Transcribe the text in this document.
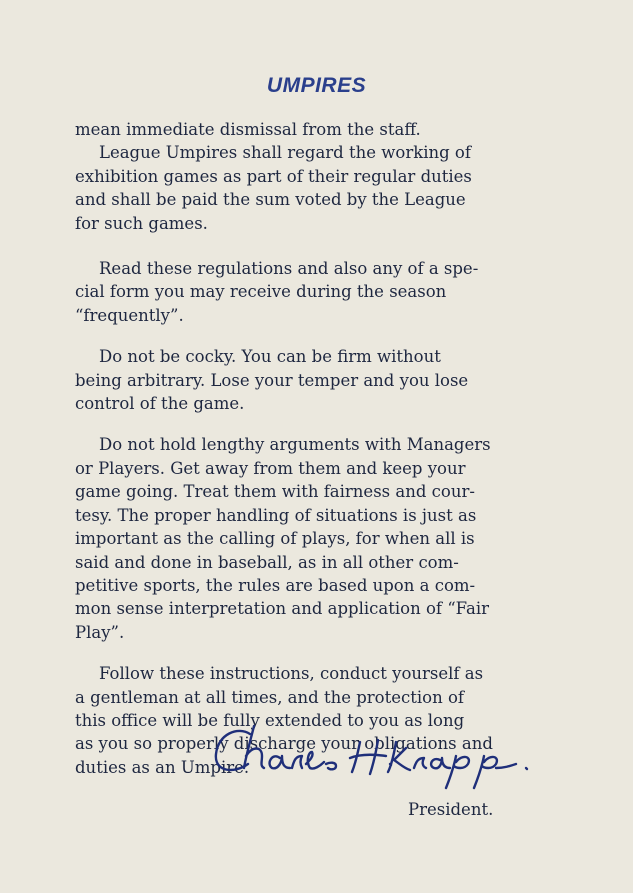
UMPIRES

mean immediate dismissal from the staff.

League Umpires shall regard the working of
exhibition games as part of their regular duties
and shall be paid the sum voted by the League
for such games.

Read these regulations and also any of a spe-
cial form you may receive during the season
“frequently”.

Do not be cocky. You can be firm without
being arbitrary. Lose your temper and you lose
control of the game.

Do not hold lengthy arguments with Managers
or Players. Get away from them and keep your
game going. Treat them with fairness and cour-
tesy. The proper handling of situations is just as
important as the calling of plays, for when all is
said and done in baseball, as in all other com-
petitive sports, the rules are based upon a com-
mon sense interpretation and application of “Fair
Play”.

Follow these instructions, conduct yourself as
a gentleman at all times, and the protection of
this office will be fully extended to you as long
as you so properly discharge your obligations and
duties as an Umpire.

President.
